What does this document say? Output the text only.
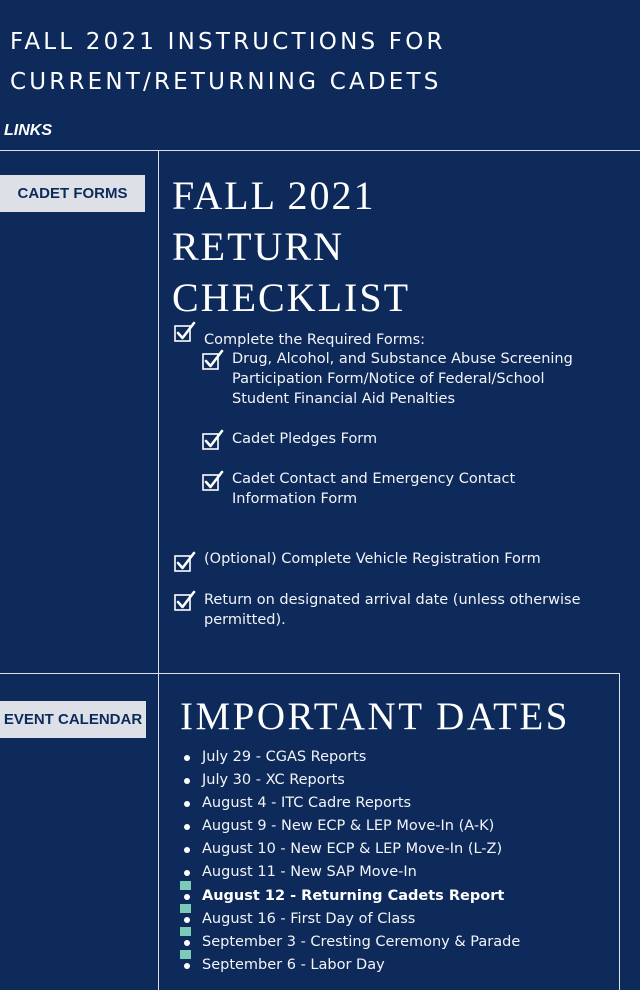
FALL 2021 INSTRUCTIONS FOR
CURRENT/RETURNING CADETS
LINKS
CADET FORMS
EVENT CALENDAR
FALL 2021
RETURN
CHECKLIST
Complete the Required Forms:
Drug, Alcohol, and Substance Abuse Screening
Participation Form/Notice of Federal/School
Student Financial Aid Penalties
Cadet Pledges Form
Cadet Contact and Emergency Contact
Information Form
(Optional) Complete Vehicle Registration Form
Return on designated arrival date (unless otherwise
permitted).
IMPORTANT DATES
July 29 - CGAS Reports
July 30 - XC Reports
August 4 - ITC Cadre Reports
August 9 - New ECP & LEP Move-In (A-K)
August 10 - New ECP & LEP Move-In (L-Z)
August 11 - New SAP Move-In
August 12 - Returning Cadets Report
August 16 - First Day of Class
September 3 - Cresting Ceremony & Parade
September 6 - Labor Day
